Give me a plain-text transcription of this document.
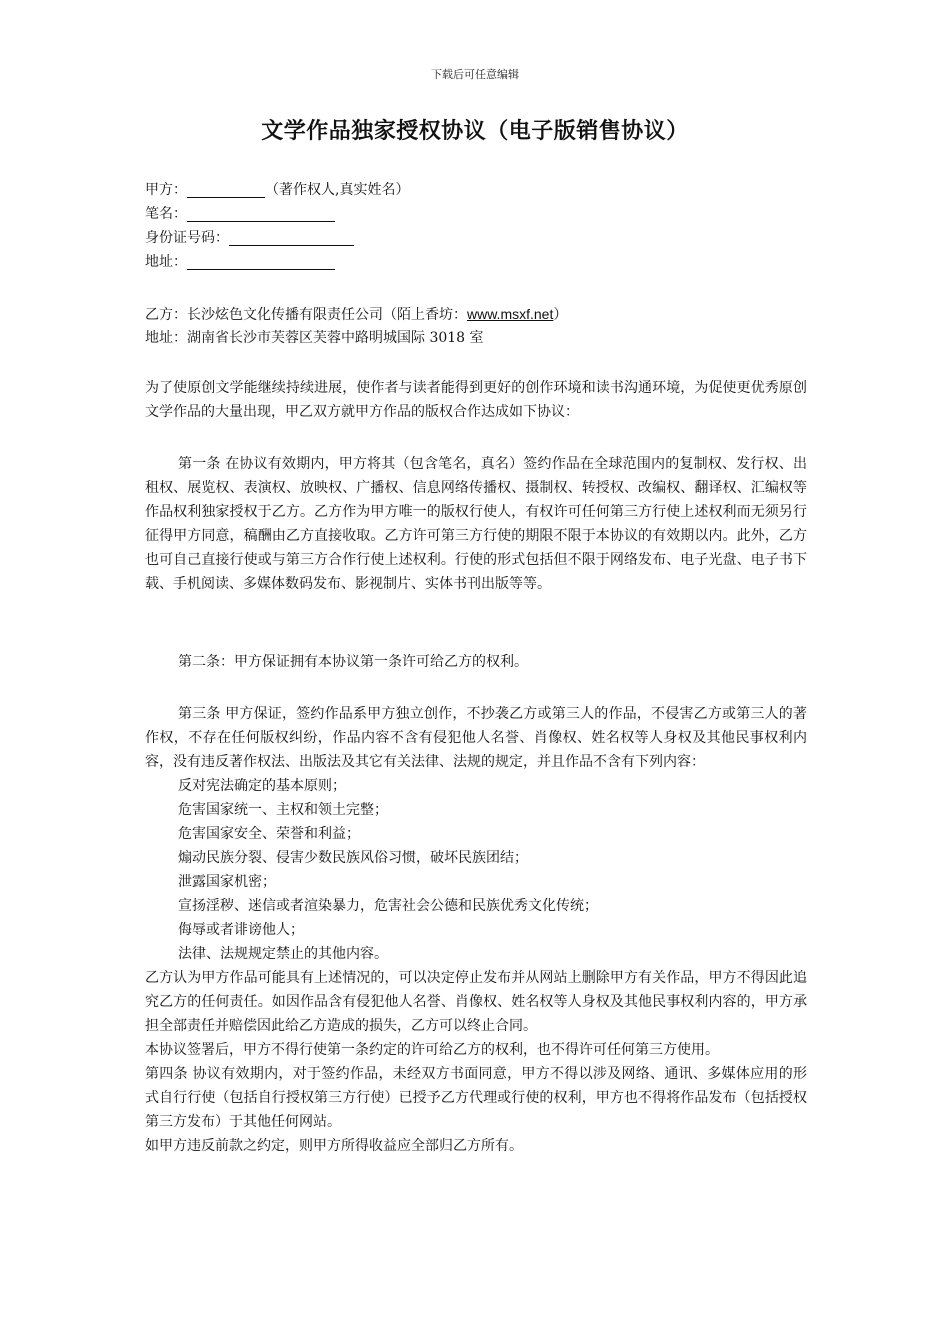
下载后可任意编辑
文学作品独家授权协议（电子版销售协议）
甲方：	（著作权人,真实姓名）
笔名：
身份证号码：
地址：
乙方：长沙炫色文化传播有限责任公司（陌上香坊：www.msxf.net）
地址：湖南省长沙市芙蓉区芙蓉中路明城国际 3018 室

为了使原创文学能继续持续进展，使作者与读者能得到更好的创作环境和读书沟通环境，为促使更优秀原创文学作品的大量出现，甲乙双方就甲方作品的版权合作达成如下协议：

第一条 在协议有效期内，甲方将其（包含笔名，真名）签约作品在全球范围内的复制权、发行权、出租权、展览权、表演权、放映权、广播权、信息网络传播权、摄制权、转授权、改编权、翻译权、汇编权等作品权利独家授权于乙方。乙方作为甲方唯一的版权行使人，有权许可任何第三方行使上述权利而无须另行征得甲方同意，稿酬由乙方直接收取。乙方许可第三方行使的期限不限于本协议的有效期以内。此外，乙方也可自己直接行使或与第三方合作行使上述权利。行使的形式包括但不限于网络发布、电子光盘、电子书下载、手机阅读、多媒体数码发布、影视制片、实体书刊出版等等。

第二条：甲方保证拥有本协议第一条许可给乙方的权利。

第三条 甲方保证，签约作品系甲方独立创作，不抄袭乙方或第三人的作品，不侵害乙方或第三人的著作权，不存在任何版权纠纷，作品内容不含有侵犯他人名誉、肖像权、姓名权等人身权及其他民事权利内容，没有违反著作权法、出版法及其它有关法律、法规的规定，并且作品不含有下列内容：

反对宪法确定的基本原则；

危害国家统一、主权和领土完整；

危害国家安全、荣誉和利益；

煽动民族分裂、侵害少数民族风俗习惯，破坏民族团结；

泄露国家机密；

宣扬淫秽、迷信或者渲染暴力，危害社会公德和民族优秀文化传统；

侮辱或者诽谤他人；

法律、法规规定禁止的其他内容。

乙方认为甲方作品可能具有上述情况的，可以决定停止发布并从网站上删除甲方有关作品，甲方不得因此追究乙方的任何责任。如因作品含有侵犯他人名誉、肖像权、姓名权等人身权及其他民事权利内容的，甲方承担全部责任并赔偿因此给乙方造成的损失，乙方可以终止合同。

本协议签署后，甲方不得行使第一条约定的许可给乙方的权利，也不得许可任何第三方使用。

第四条 协议有效期内，对于签约作品，未经双方书面同意，甲方不得以涉及网络、通讯、多媒体应用的形式自行行使（包括自行授权第三方行使）已授予乙方代理或行使的权利，甲方也不得将作品发布（包括授权第三方发布）于其他任何网站。

如甲方违反前款之约定，则甲方所得收益应全部归乙方所有。
